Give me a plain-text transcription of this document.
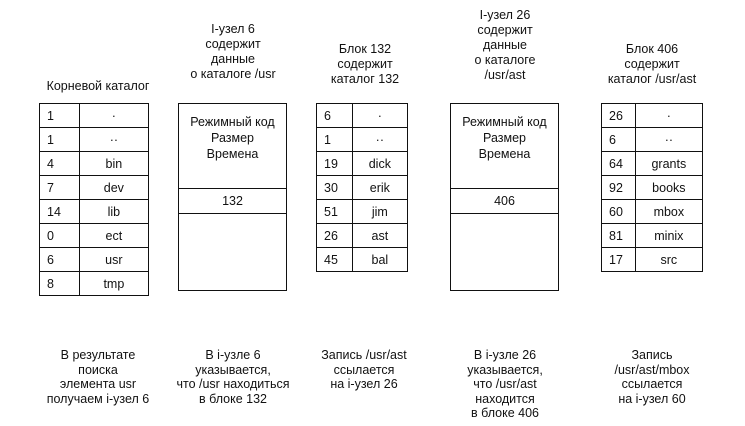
Корневой каталог
1	·
1	··
4	bin
7	dev
14	lib
0	ect
6	usr
8	tmp
В результате
поиска
элемента usr
получаем i-узел 6
I-узел 6
содержит
данные
о каталоге /usr
Режимный код
Размер
Времена
132
В i-узле 6
указывается,
что /usr находиться
в блоке 132
Блок 132
содержит
каталог 132
6	·
1	··
19	dick
30	erik
51	jim
26	ast
45	bal
Запись /usr/ast
ссылается
на i-узел 26
I-узел 26
содержит
данные
о каталоге
/usr/ast
Режимный код
Размер
Времена
406
В i-узле 26
указывается,
что /usr/ast
находится
в блоке 406
Блок 406
содержит
каталог /usr/ast
26	·
6	··
64	grants
92	books
60	mbox
81	minix
17	src
Запись
/usr/ast/mbox
ссылается
на i-узел 60
